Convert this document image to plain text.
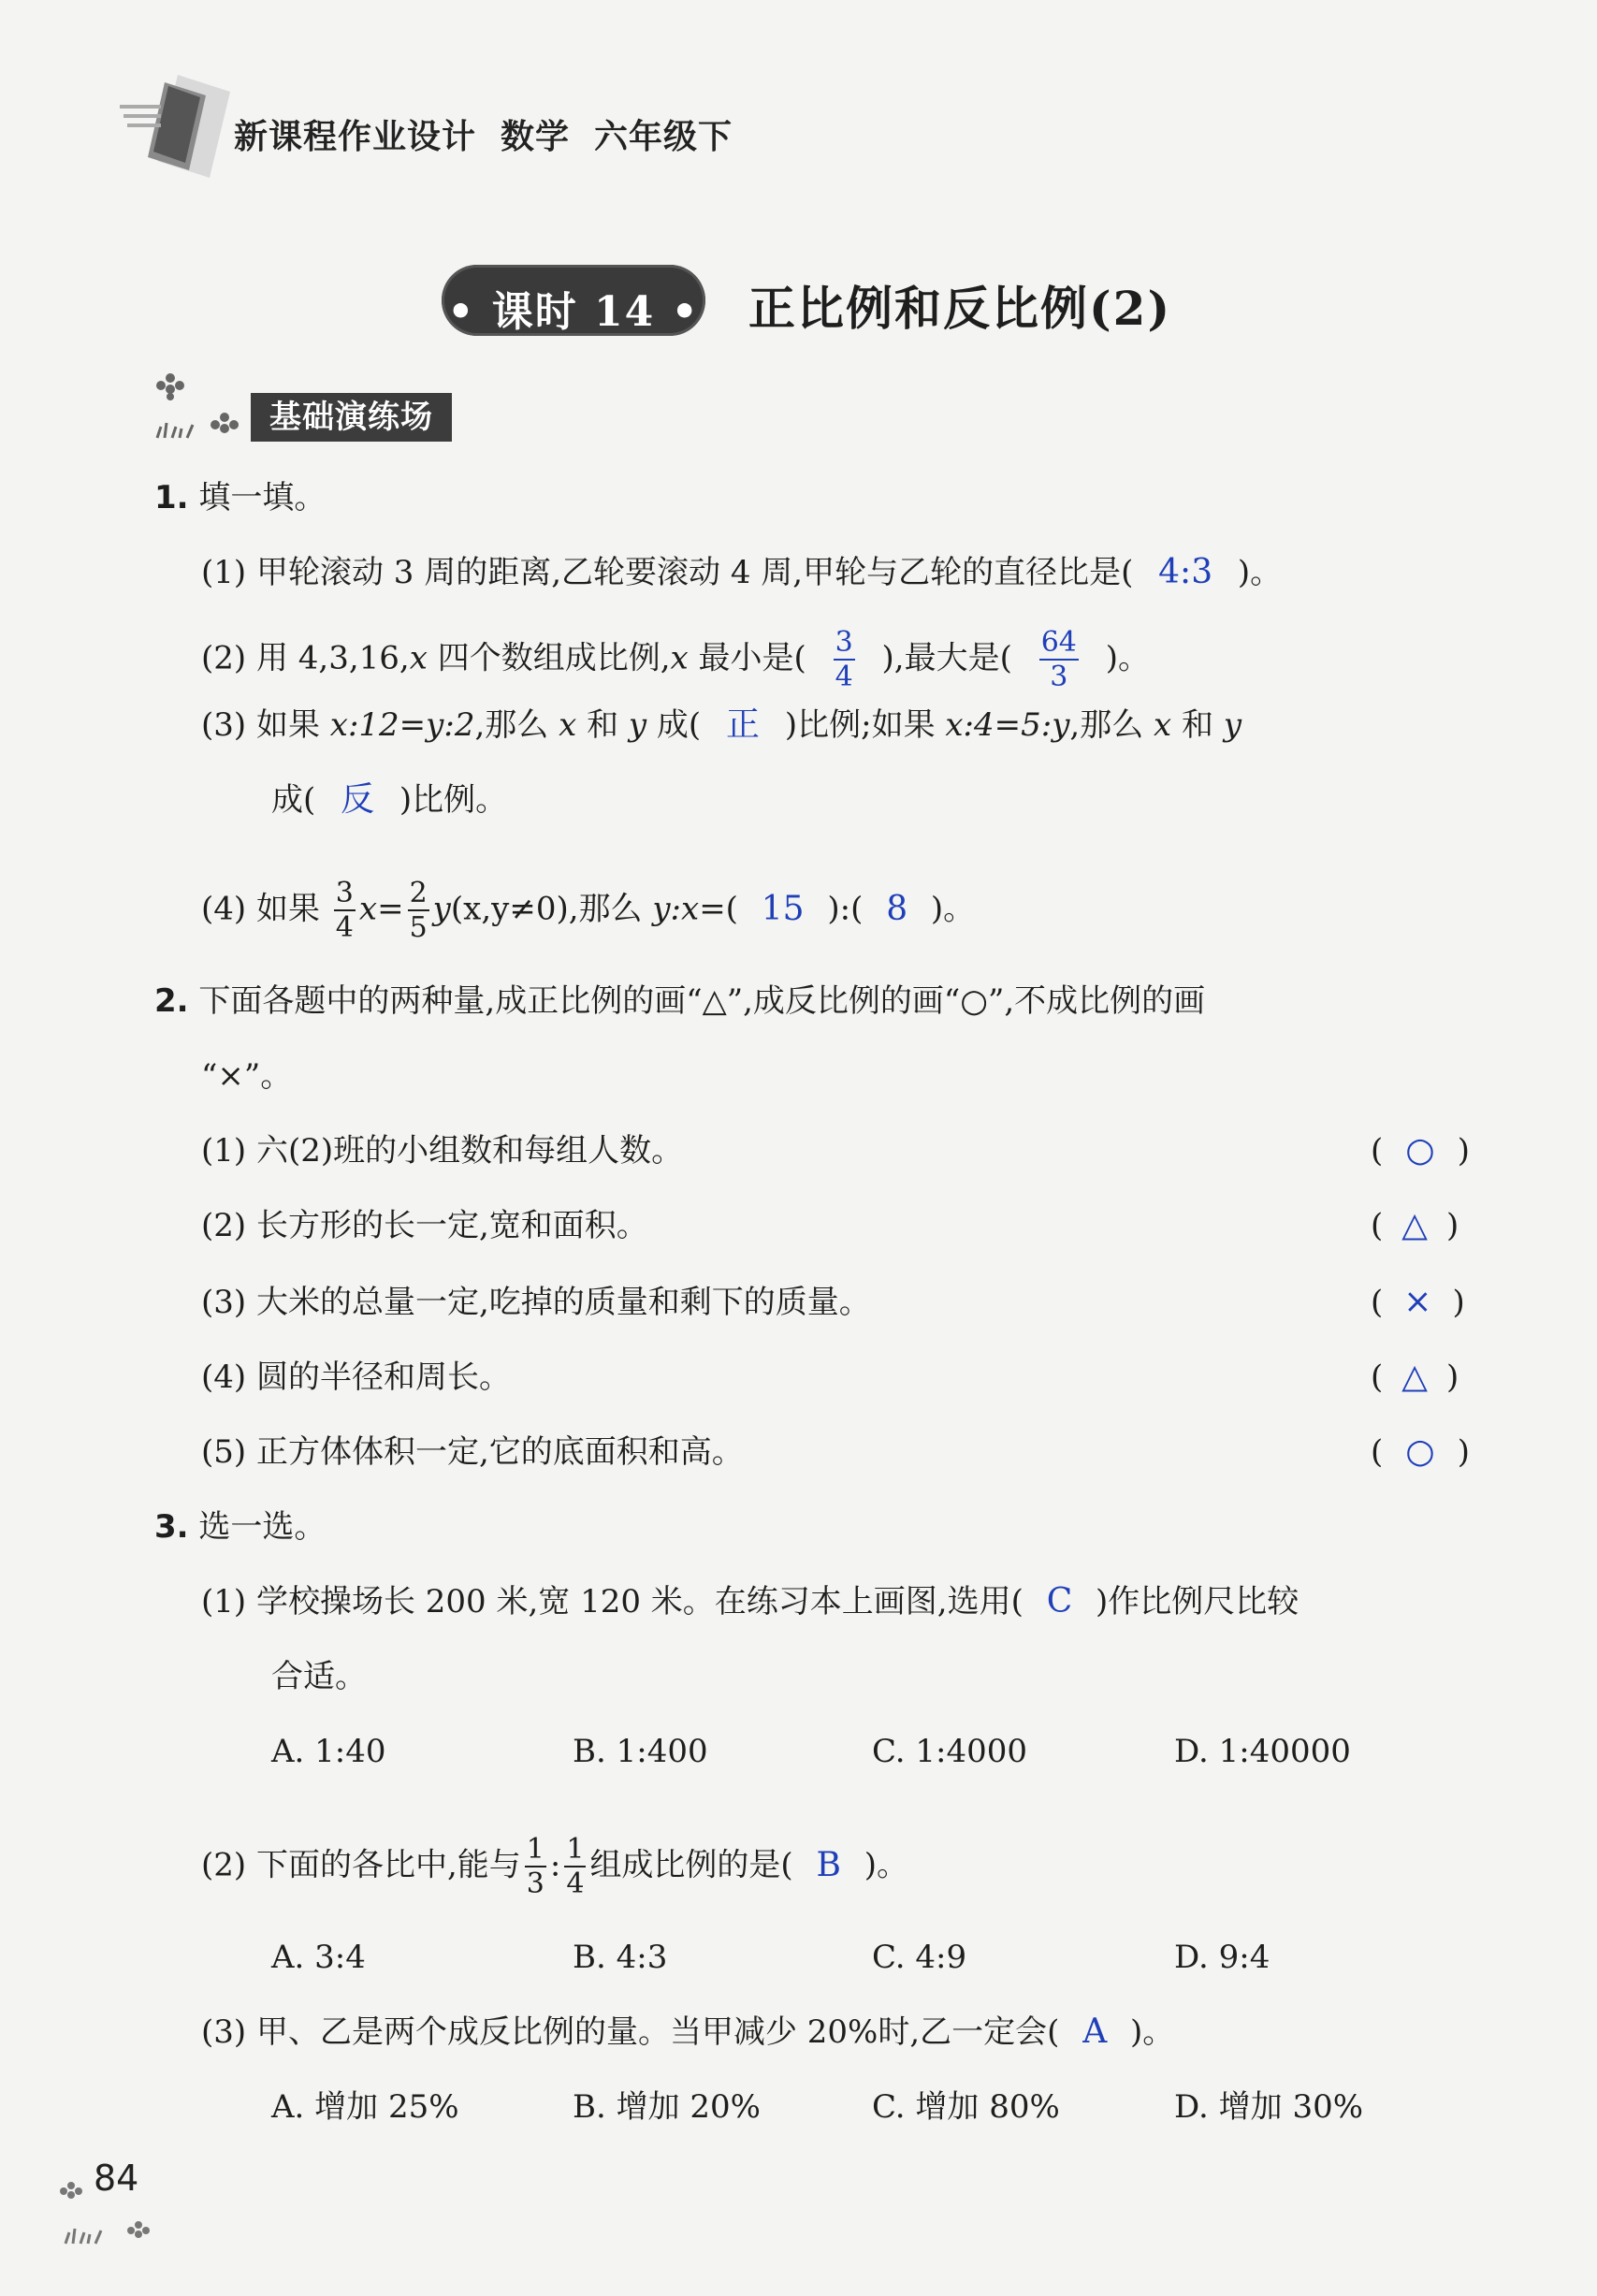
新课程作业设计 数学 六年级下
• 课时 14 • 正比例和反比例(2)
基础演练场
1. 填一填。
(1) 甲轮滚动 3 周的距离,乙轮要滚动 4 周,甲轮与乙轮的直径比是( 4:3 )。
(2) 用 4,3,16,x 四个数组成比例,x 最小是( $\frac{3}{4}$ ),最大是( $\frac{64}{3}$ )。
(3) 如果 x:12=y:2,那么 x 和 y 成( 正 )比例;如果 x:4=5:y,那么 x 和 y
成( 反 )比例。
(4) 如果 $\frac{3}{4} x= \frac{2}{5} y(x,y\ne 0)$,那么 y:x=( 15 ):( 8 )。
2. 下面各题中的两种量,成正比例的画“△”,成反比例的画“○”,不成比例的画
“×”。
(1) 六(2)班的小组数和每组人数。	( ○ )
(2) 长方形的长一定,宽和面积。	( △ )
(3) 大米的总量一定,吃掉的质量和剩下的质量。	( × )
(4) 圆的半径和周长。	( △ )
(5) 正方体体积一定,它的底面积和高。	( ○ )
3. 选一选。
(1) 学校操场长 200 米,宽 120 米。在练习本上画图,选用( C )作比例尺比较
合适。
A. 1:40	B. 1:400	C. 1:4000	D. 1:40000
(2) 下面的各比中,能与 $\frac{1}{3}$ : $\frac{1}{4}$ 组成比例的是( B )。
A. 3:4	B. 4:3	C. 4:9	D. 9:4
(3) 甲、乙是两个成反比例的量。当甲减少 20%时,乙一定会( A )。
A. 增加 25%	B. 增加 20%	C. 增加 80%	D. 增加 30%
84
